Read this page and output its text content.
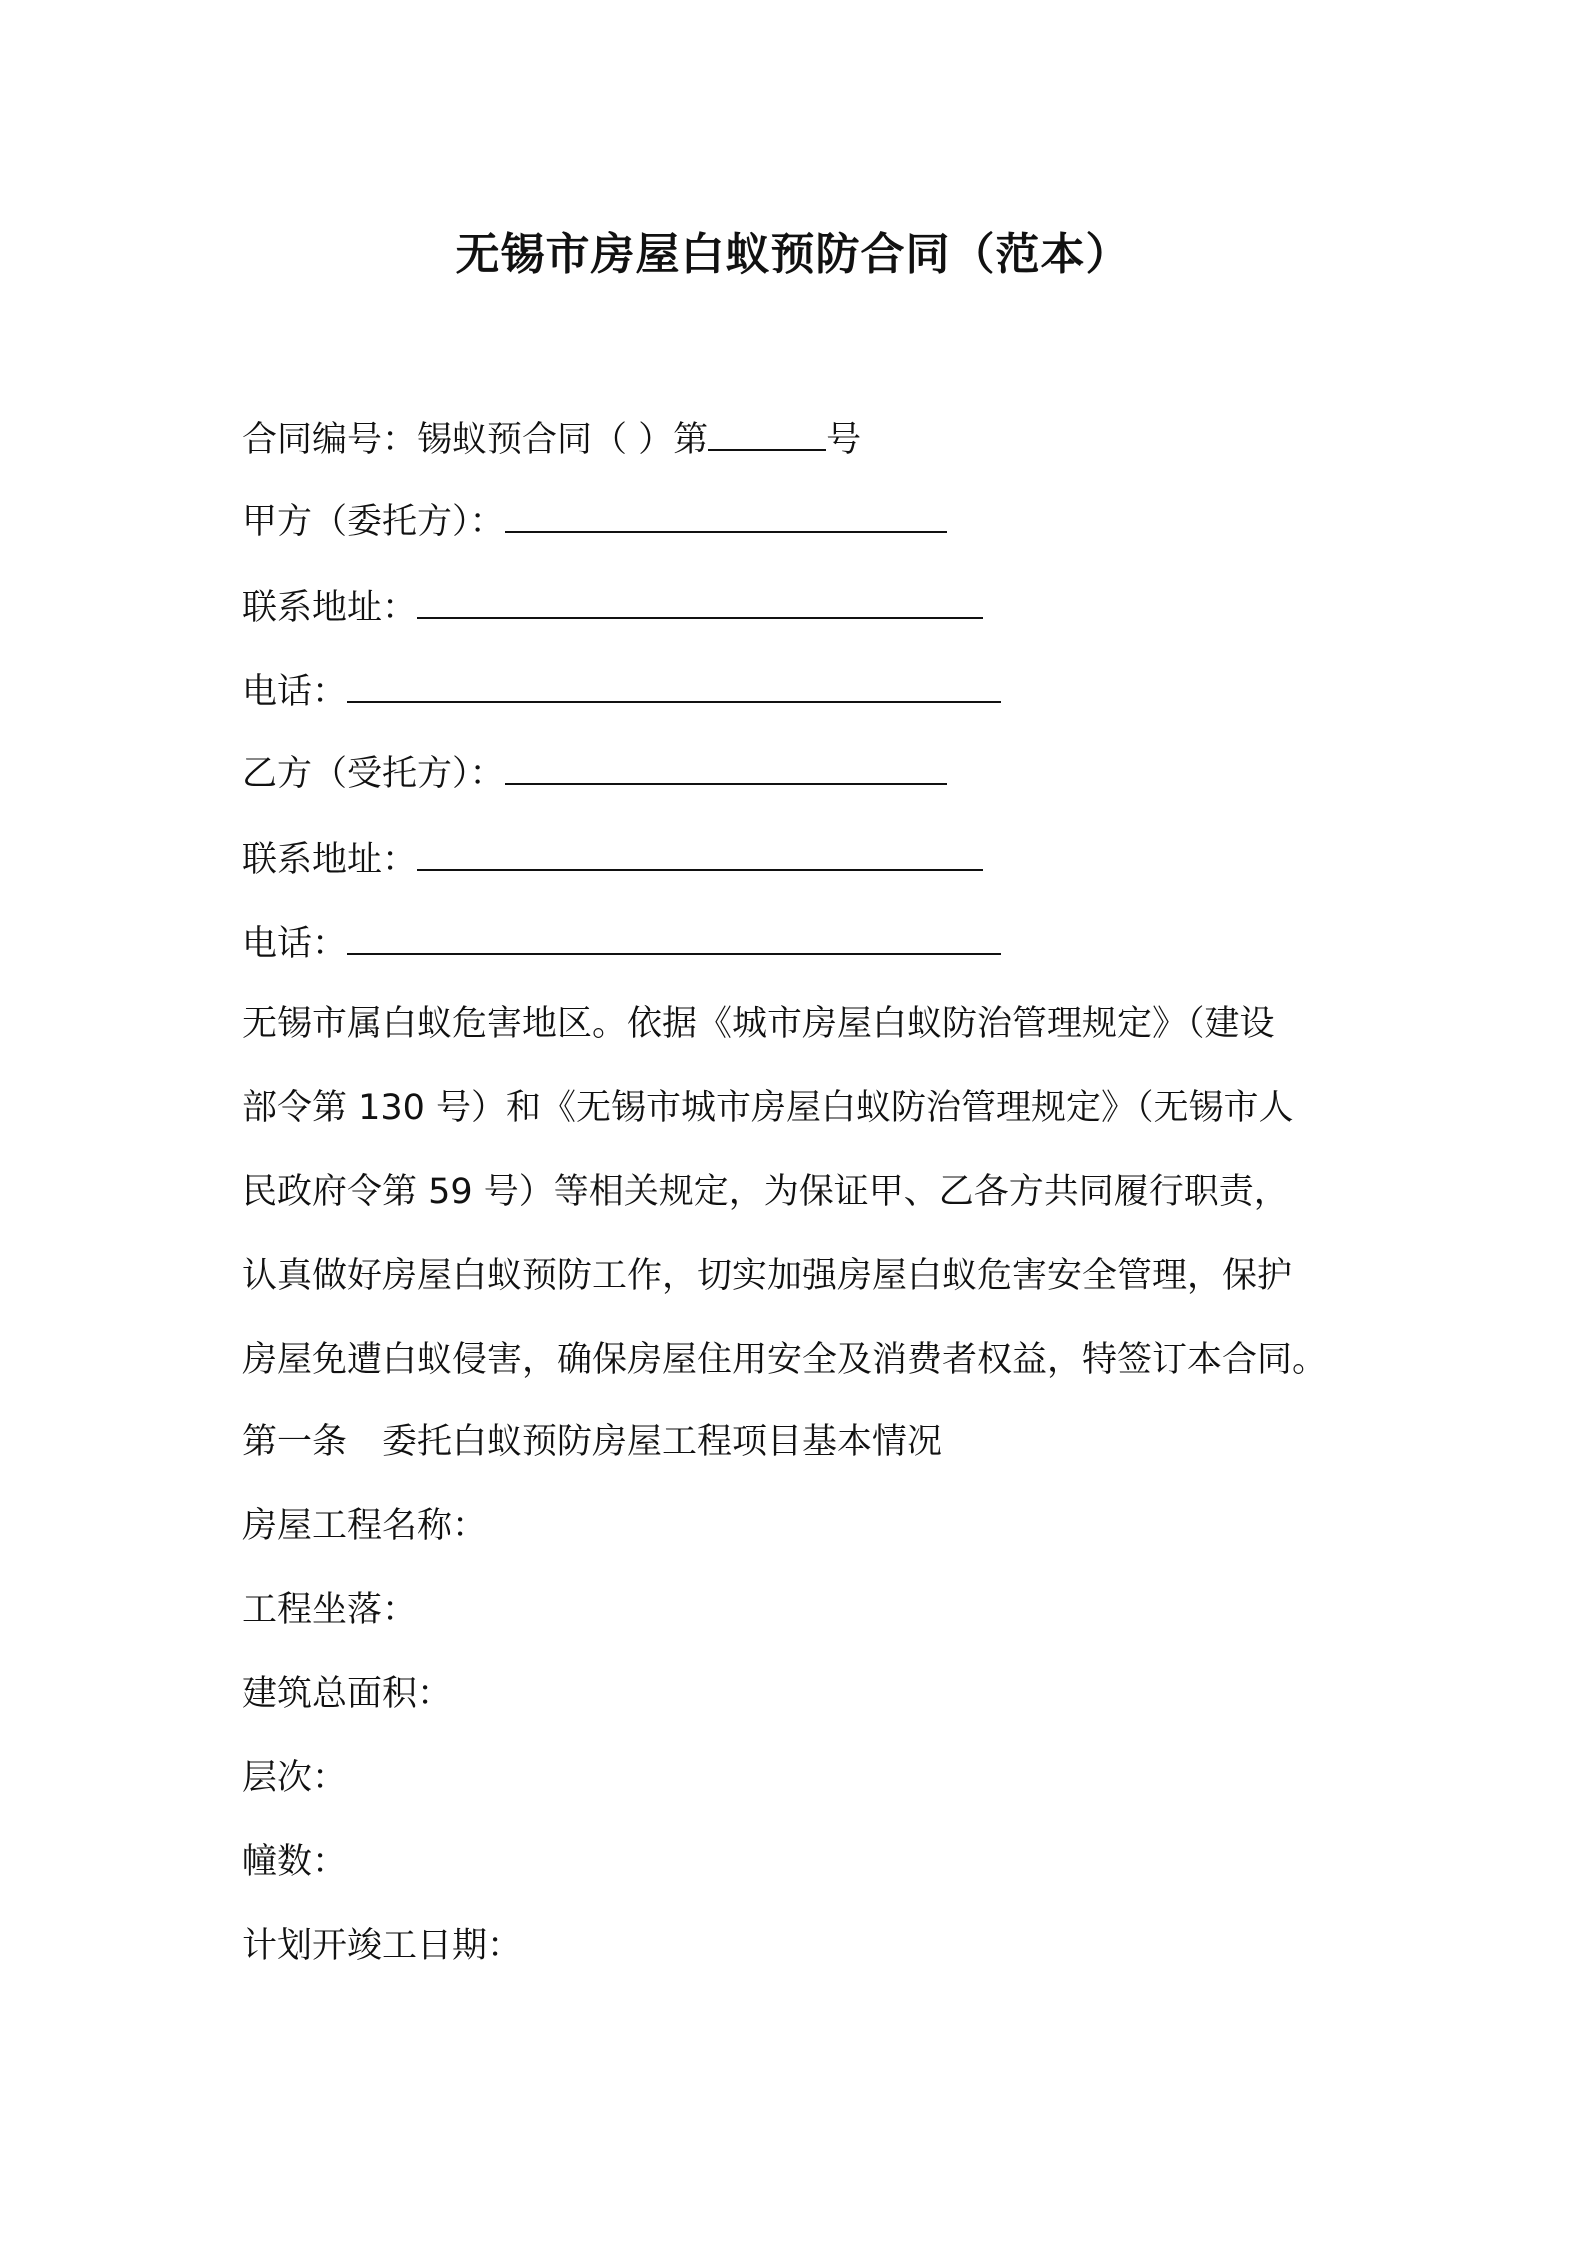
无锡市房屋白蚁预防合同（范本）
合同编号：锡蚁预合同（ ）第	号
甲方（委托方）：
联系地址：
电话：
乙方（受托方）：
联系地址：
电话：
无锡市属白蚁危害地区。依据《城市房屋白蚁防治管理规定》（建设
部令第 130 号）和《无锡市城市房屋白蚁防治管理规定》（无锡市人
民政府令第 59 号）等相关规定，为保证甲、乙各方共同履行职责，
认真做好房屋白蚁预防工作，切实加强房屋白蚁危害安全管理，保护
房屋免遭白蚁侵害，确保房屋住用安全及消费者权益，特签订本合同。
第一条　委托白蚁预防房屋工程项目基本情况
房屋工程名称：
工程坐落：
建筑总面积：
层次：
幢数：
计划开竣工日期：
